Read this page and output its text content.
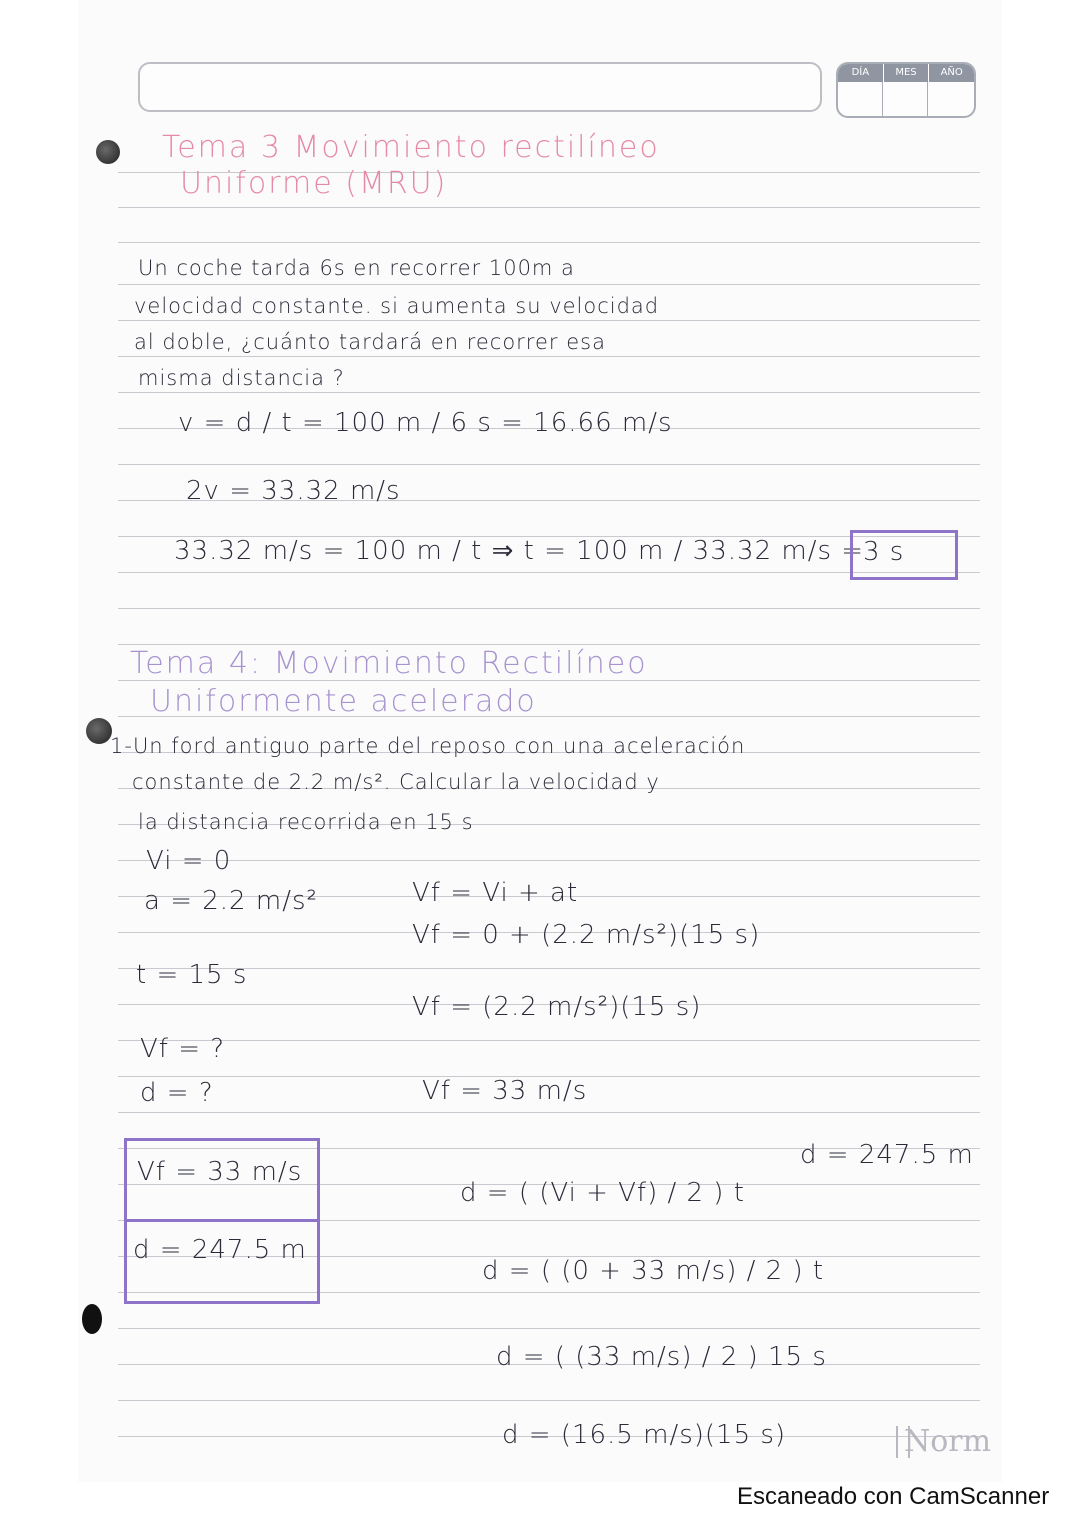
DÍA	MES	AÑO
Tema 3 Movimiento rectilíneo
Uniforme (MRU)
Un coche tarda 6s en recorrer 100m a
velocidad constante. si aumenta su velocidad
al doble, ¿cuánto tardará en recorrer esa
misma distancia ?
v = d / t = 100 m / 6 s = 16.66 m/s
2v = 33.32 m/s
33.32 m/s = 100 m / t ⇒ t = 100 m / 33.32 m/s =
3 s
Tema 4: Movimiento Rectilíneo
Uniformente acelerado
1-Un ford antiguo parte del reposo con una aceleración
constante de 2.2 m/s². Calcular la velocidad y
la distancia recorrida en 15 s
Vi = 0
a = 2.2 m/s²
t = 15 s
Vf = ?
d = ?
Vf = Vi + at
Vf = 0 + (2.2 m/s²)(15 s)
Vf = (2.2 m/s²)(15 s)
Vf = 33 m/s
Vf = 33 m/s
d = 247.5 m
d = 247.5 m
d = ( (Vi + Vf) / 2 ) t
d = ( (0 + 33 m/s) / 2 ) t
d = ( (33 m/s) / 2 ) 15 s
d = (16.5 m/s)(15 s)	Norm
Escaneado con CamScanner
